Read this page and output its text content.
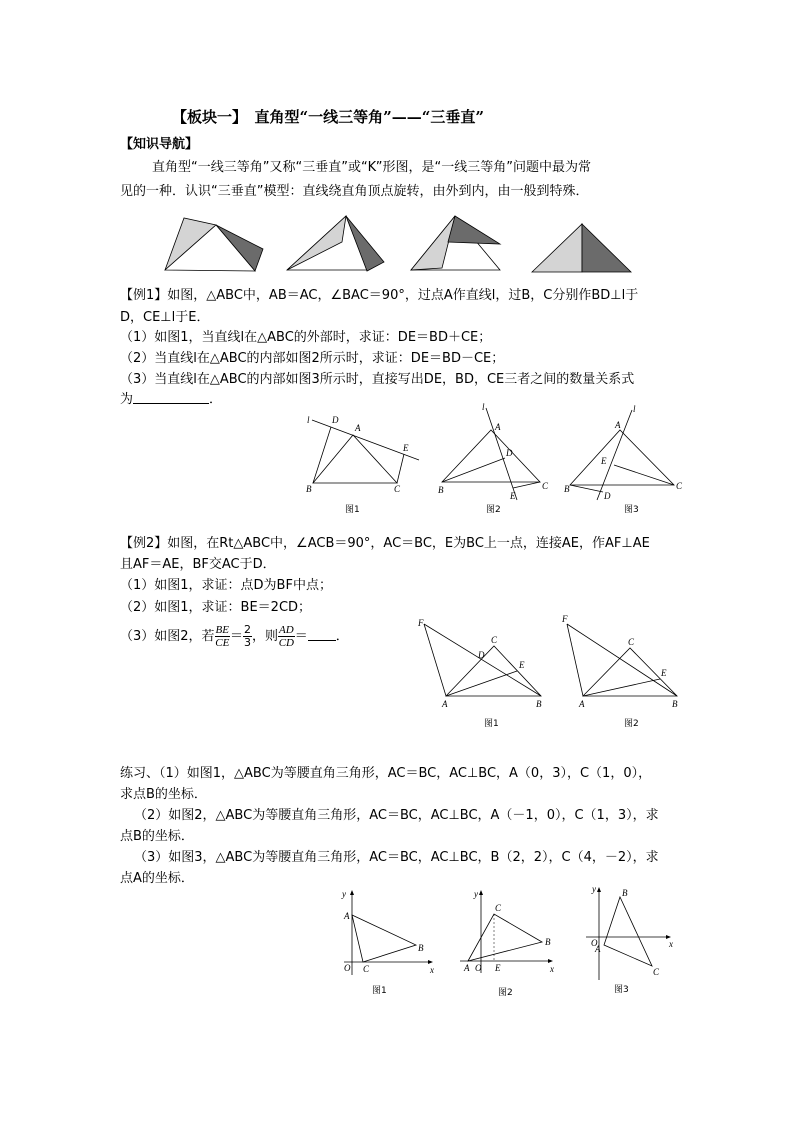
【板块一】　直角型“一线三等角”——“三垂直”
【知识导航】
直角型“一线三等角”又称“三垂直”或“K”形图，是“一线三等角”问题中最为常
见的一种．认识“三垂直”模型：直线绕直角顶点旋转，由外到内，由一般到特殊．
【例1】如图，△ABC中，AB＝AC，∠BAC＝90°，过点A作直线l，过B，C分别作BD⊥l于
D，CE⊥l于E．
（1）如图1，当直线l在△ABC的外部时，求证：DE＝BD＋CE；
（2）当直线l在△ABC的内部如图2所示时，求证：DE＝BD－CE；
（3）当直线l在△ABC的内部如图3所示时，直接写出DE，BD，CE三者之间的数量关系式
为	．
l D
A
E
B	C
图1
l
A
D
E
B	C
图2
l
A
E
D
B	C
图3
【例2】如图，在Rt△ABC中，∠ACB＝90°，AC＝BC，E为BC上一点，连接AE，作AF⊥AE
且AF＝AE，BF交AC于D．
（1）如图1，求证：点D为BF中点；
（2）如图1，求证：BE＝2CD；
（3）如图2，若 $\frac{BE}{CE} = \frac{2}{3}$ ，则 $\frac{AD}{CD}$ ＝ ．
F
C
D
E
A	B
图1
F
C
E
A	B
图2
练习、（1）如图1，△ABC为等腰直角三角形，AC＝BC，AC⊥BC，A（0，3），C（1，0），
求点B的坐标．
（2）如图2，△ABC为等腰直角三角形，AC＝BC，AC⊥BC，A（－1，0），C（1，3），求
点B的坐标．
（3）如图3，△ABC为等腰直角三角形，AC＝BC，AC⊥BC，B（2，2），C（4，－2），求
点A的坐标．
y
A
B
O C	x
图1
y
C
B
A O E	x
图2
y	B
O
A	x
C
图3
